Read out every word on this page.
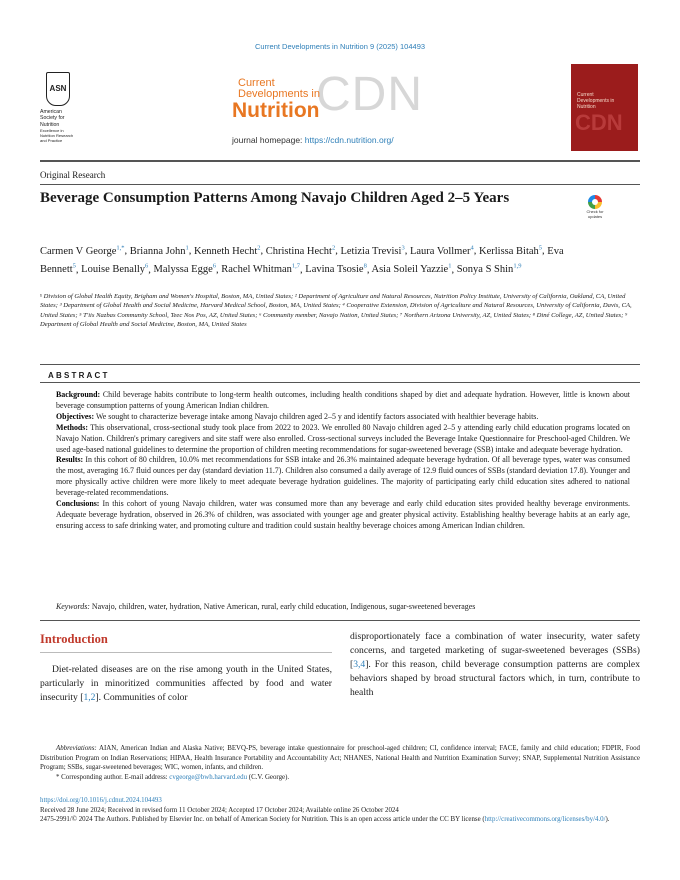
Current Developments in Nutrition 9 (2025) 104493
ASN
American
Society for
Nutrition
Excellence in
Nutrition Research
and Practice
CDN
Current
Developments in
Nutrition
journal homepage: https://cdn.nutrition.org/
Current
Developments in
Nutrition
CDN
Original Research
Beverage Consumption Patterns Among Navajo Children Aged 2–5 Years
Check for updates
Carmen V George$^{1,*}$, Brianna John$^1$, Kenneth Hecht$^2$, Christina Hecht$^2$, Letizia Trevisi$^3$, Laura Vollmer$^4$, Kerlissa Bitah$^5$, Eva Bennett$^5$, Louise Benally$^6$, Malyssa Egge$^6$, Rachel Whitman$^{1,7}$, Lavina Tsosie$^8$, Asia Soleil Yazzie$^1$, Sonya S Shin$^{1,9}$
¹ Division of Global Health Equity, Brigham and Women's Hospital, Boston, MA, United States; ² Department of Agriculture and Natural Resources, Nutrition Policy Institute, University of California, Oakland, CA, United States; ³ Department of Global Health and Social Medicine, Harvard Medical School, Boston, MA, United States; ⁴ Cooperative Extension, Division of Agriculture and Natural Resources, University of California, Davis, CA, United States; ⁵ T'iis Nazbas Community School, Teec Nos Pos, AZ, United States; ⁶ Community member, Navajo Nation, United States; ⁷ Northern Arizona University, AZ, United States; ⁸ Diné College, AZ, United States; ⁹ Department of Global Health and Social Medicine, Boston, MA, United States
ABSTRACT

Background: Child beverage habits contribute to long-term health outcomes, including health conditions shaped by diet and adequate hydration. However, little is known about beverage consumption patterns of young American Indian children.

Objectives: We sought to characterize beverage intake among Navajo children aged 2–5 y and identify factors associated with healthier beverage habits.

Methods: This observational, cross-sectional study took place from 2022 to 2023. We enrolled 80 Navajo children aged 2–5 y attending early child education programs located on Navajo Nation. Children's primary caregivers and site staff were also enrolled. Cross-sectional surveys included the Beverage Intake Questionnaire for Preschool-aged Children. We used age-based national guidelines to determine the proportion of children meeting recommendations for sugar-sweetened beverage (SSB) intake and adequate beverage hydration.

Results: In this cohort of 80 children, 10.0% met recommendations for SSB intake and 26.3% maintained adequate beverage hydration. Of all beverage types, water was consumed the most, averaging 16.7 fluid ounces per day (standard deviation 11.7). Children also consumed a daily average of 12.9 fluid ounces of SSBs (standard deviation 17.8). Younger and more physically active children were more likely to meet adequate beverage hydration guidelines. The majority of participating early child education sites adhered to national beverage-related recommendations.

Conclusions: In this cohort of young Navajo children, water was consumed more than any beverage and early child education sites provided healthy beverage environments. Adequate beverage hydration, observed in 26.3% of children, was associated with younger age and greater physical activity. Establishing healthy beverage habits at an early age, ensuring access to safe drinking water, and promoting culture and tradition could sustain healthy beverage choices among American Indian children.

Keywords: Navajo, children, water, hydration, Native American, rural, early child education, Indigenous, sugar-sweetened beverages
Introduction
Diet-related diseases are on the rise among youth in the United States, particularly in minoritized communities affected by food and water insecurity [1,2]. Communities of color
disproportionately face a combination of water insecurity, water safety concerns, and targeted marketing of sugar-sweetened beverages (SSBs) [3,4]. For this reason, child beverage consumption patterns are complex behaviors shaped by broad structural factors which, in turn, contribute to health
Abbreviations: AIAN, American Indian and Alaska Native; BEVQ-PS, beverage intake questionnaire for preschool-aged children; CI, confidence interval; FACE, family and child education; FDPIR, Food Distribution Program on Indian Reservations; HIPAA, Health Insurance Portability and Accountability Act; NHANES, National Health and Nutrition Examination Survey; SNAP, Supplemental Nutrition Assistance Program; SSBs, sugar-sweetened beverages; WIC, women, infants, and children.
* Corresponding author. E-mail address: cvgeorge@bwh.harvard.edu (C.V. George).
https://doi.org/10.1016/j.cdnut.2024.104493
Received 28 June 2024; Received in revised form 11 October 2024; Accepted 17 October 2024; Available online 26 October 2024
2475-2991/© 2024 The Authors. Published by Elsevier Inc. on behalf of American Society for Nutrition. This is an open access article under the CC BY license (http://creativecommons.org/licenses/by/4.0/).
